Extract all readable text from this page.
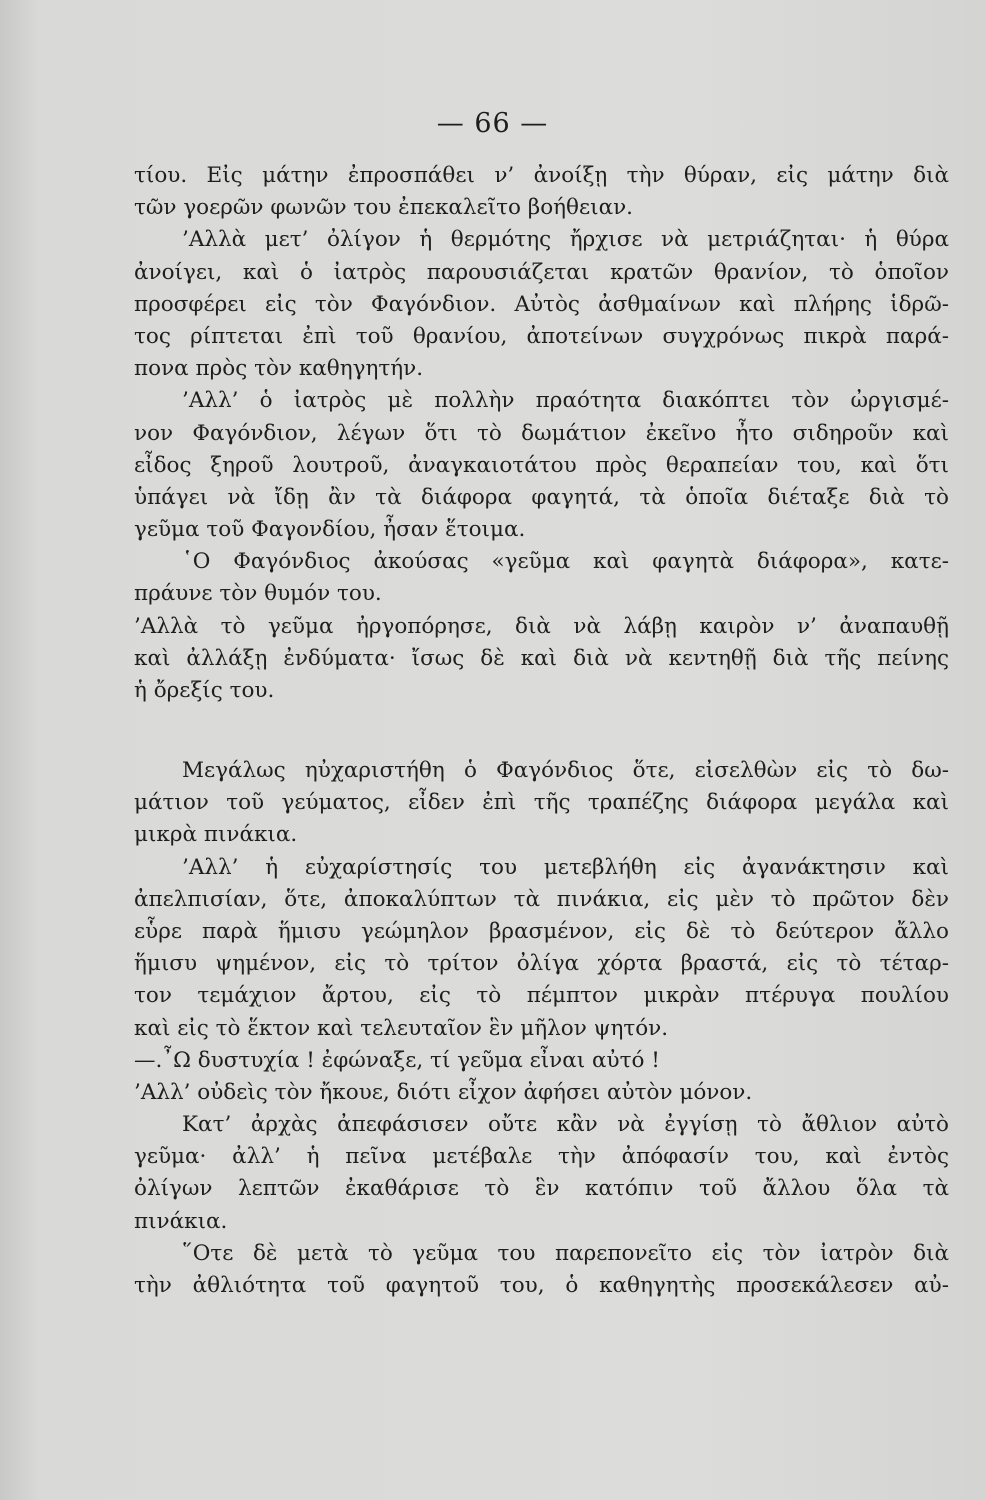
— 66 —
τίου. Εἰς μάτην ἐπροσπάθει ν’ ἀνοίξῃ τὴν θύραν, εἰς μάτην διὰ
τῶν γοερῶν φωνῶν του ἐπεκαλεῖτο βοήθειαν.
’Αλλὰ μετ’ ὀλίγον ἡ θερμότης ἤρχισε νὰ μετριάζηται· ἡ θύρα
ἀνοίγει, καὶ ὁ ἰατρὸς παρουσιάζεται κρατῶν θρανίον, τὸ ὁποῖον
προσφέρει εἰς τὸν Φαγόνδιον. Αὐτὸς ἀσθμαίνων καὶ πλήρης ἱδρῶ-
τος ρίπτεται ἐπὶ τοῦ θρανίου, ἀποτείνων συγχρόνως πικρὰ παρά-
πονα πρὸς τὸν καθηγητήν.
’Αλλ’ ὁ ἰατρὸς μὲ πολλὴν πραότητα διακόπτει τὸν ὠργισμέ-
νον Φαγόνδιον, λέγων ὅτι τὸ δωμάτιον ἐκεῖνο ἦτο σιδηροῦν καὶ
εἶδος ξηροῦ λουτροῦ, ἀναγκαιοτάτου πρὸς θεραπείαν του, καὶ ὅτι
ὑπάγει νὰ ἴδῃ ἂν τὰ διάφορα φαγητά, τὰ ὁποῖα διέταξε διὰ τὸ
γεῦμα τοῦ Φαγονδίου, ἦσαν ἕτοιμα.
῾Ο Φαγόνδιος ἀκούσας «γεῦμα καὶ φαγητὰ διάφορα», κατε-
πράυνε τὸν θυμόν του.
’Αλλὰ τὸ γεῦμα ἠργοπόρησε, διὰ νὰ λάβῃ καιρὸν ν’ ἀναπαυθῇ
καὶ ἀλλάξῃ ἐνδύματα· ἴσως δὲ καὶ διὰ νὰ κεντηθῇ διὰ τῆς πείνης
ἡ ὄρεξίς του.
Μεγάλως ηὐχαριστήθη ὁ Φαγόνδιος ὅτε, εἰσελθὼν εἰς τὸ δω-
μάτιον τοῦ γεύματος, εἶδεν ἐπὶ τῆς τραπέζης διάφορα μεγάλα καὶ
μικρὰ πινάκια.
’Αλλ’ ἡ εὐχαρίστησίς του μετεβλήθη εἰς ἀγανάκτησιν καὶ
ἀπελπισίαν, ὅτε, ἀποκαλύπτων τὰ πινάκια, εἰς μὲν τὸ πρῶτον δὲν
εὗρε παρὰ ἥμισυ γεώμηλον βρασμένον, εἰς δὲ τὸ δεύτερον ἄλλο
ἥμισυ ψημένον, εἰς τὸ τρίτον ὀλίγα χόρτα βραστά, εἰς τὸ τέταρ-
τον τεμάχιον ἄρτου, εἰς τὸ πέμπτον μικρὰν πτέρυγα πουλίου
καὶ εἰς τὸ ἕκτον καὶ τελευταῖον ἓν μῆλον ψητόν.
—.῏Ω δυστυχία ! ἐφώναξε, τί γεῦμα εἶναι αὐτό !
’Αλλ’ οὐδεὶς τὸν ἤκουε, διότι εἶχον ἀφήσει αὐτὸν μόνον.
Κατ’ ἀρχὰς ἀπεφάσισεν οὔτε κἂν νὰ ἐγγίσῃ τὸ ἄθλιον αὐτὸ
γεῦμα· ἀλλ’ ἡ πεῖνα μετέβαλε τὴν ἀπόφασίν του, καὶ ἐντὸς
ὀλίγων λεπτῶν ἐκαθάρισε τὸ ἓν κατόπιν τοῦ ἄλλου ὅλα τὰ
πινάκια.
῞Οτε δὲ μετὰ τὸ γεῦμα του παρεπονεῖτο εἰς τὸν ἰατρὸν διὰ
τὴν ἀθλιότητα τοῦ φαγητοῦ του, ὁ καθηγητὴς προσεκάλεσεν αὐ-
